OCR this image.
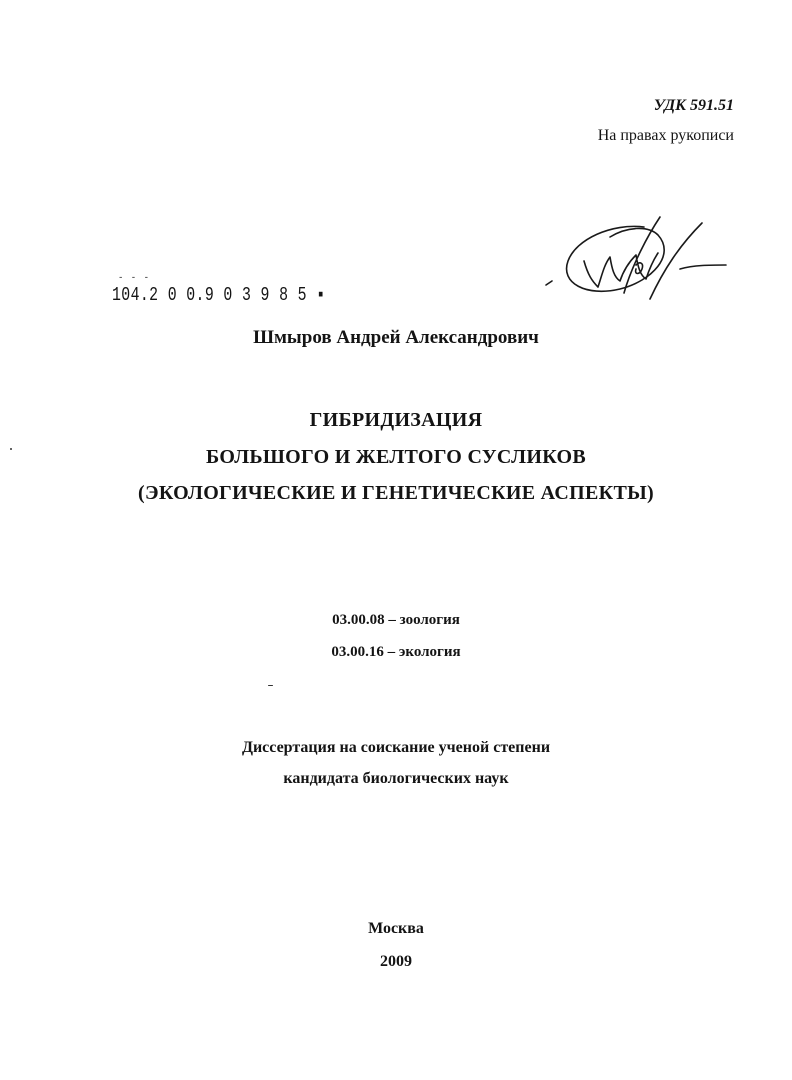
УДК 591.51
На правах рукописи
- - -
104.2 0 0.9 0 3 9 8 5 ▪
Шмыров Андрей Александрович
ГИБРИДИЗАЦИЯ
БОЛЬШОГО И ЖЕЛТОГО СУСЛИКОВ
(ЭКОЛОГИЧЕСКИЕ И ГЕНЕТИЧЕСКИЕ АСПЕКТЫ)
03.00.08 – зоология
03.00.16 – экология
Диссертация на соискание ученой степени
кандидата биологических наук
Москва
2009
